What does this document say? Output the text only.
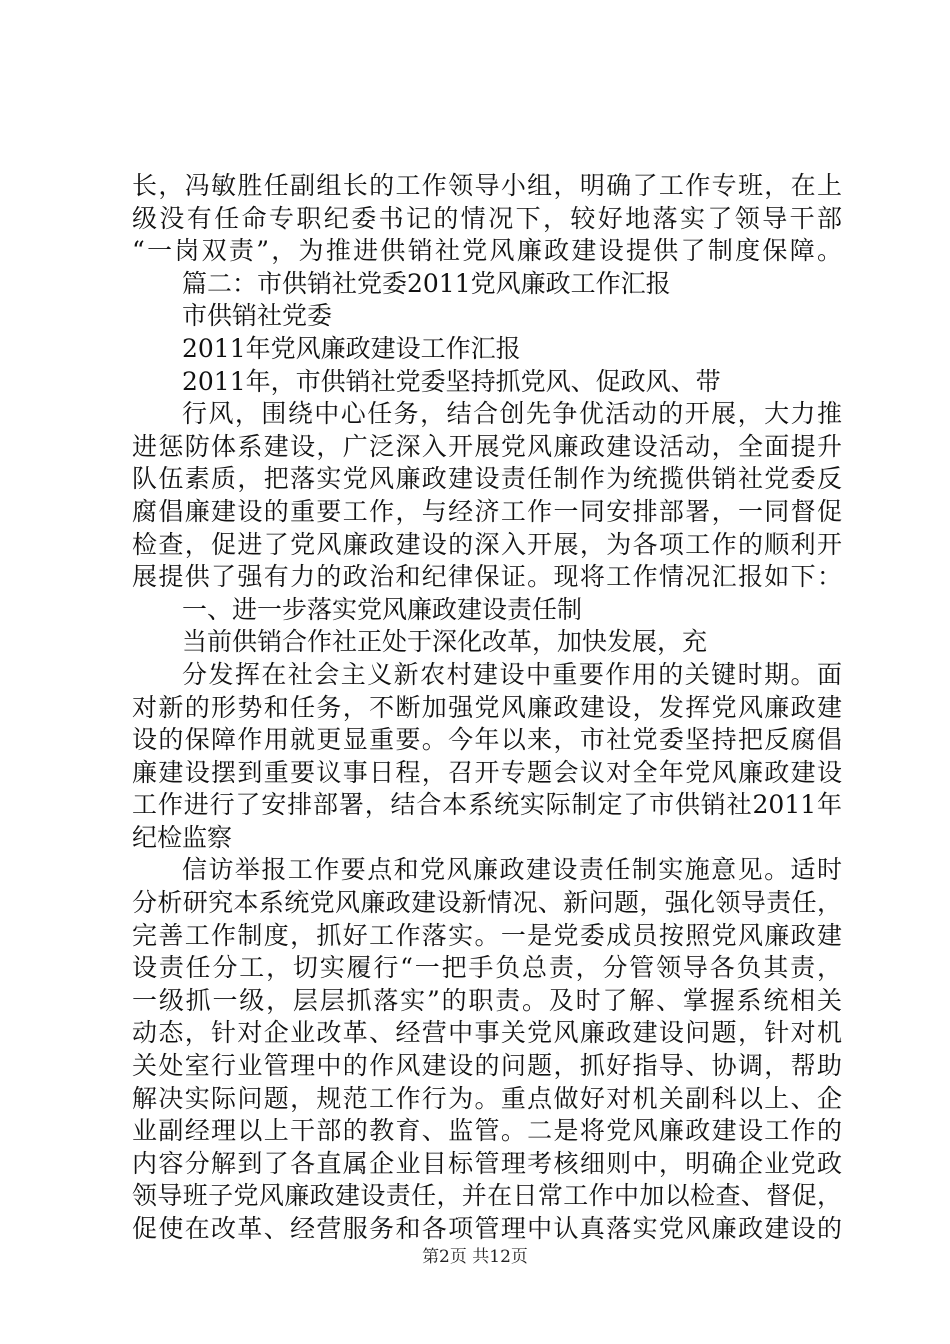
长，冯敏胜任副组长的工作领导小组，明确了工作专班，在上
级没有任命专职纪委书记的情况下，较好地落实了领导干部
“一岗双责”，为推进供销社党风廉政建设提供了制度保障。
篇二：市供销社党委2011党风廉政工作汇报
市供销社党委
2011年党风廉政建设工作汇报
2011年，市供销社党委坚持抓党风、促政风、带
行风，围绕中心任务，结合创先争优活动的开展，大力推
进惩防体系建设，广泛深入开展党风廉政建设活动，全面提升
队伍素质，把落实党风廉政建设责任制作为统揽供销社党委反
腐倡廉建设的重要工作，与经济工作一同安排部署，一同督促
检查，促进了党风廉政建设的深入开展，为各项工作的顺利开
展提供了强有力的政治和纪律保证。现将工作情况汇报如下：
一、进一步落实党风廉政建设责任制
当前供销合作社正处于深化改革，加快发展，充
分发挥在社会主义新农村建设中重要作用的关键时期。面
对新的形势和任务，不断加强党风廉政建设，发挥党风廉政建
设的保障作用就更显重要。今年以来，市社党委坚持把反腐倡
廉建设摆到重要议事日程，召开专题会议对全年党风廉政建设
工作进行了安排部署，结合本系统实际制定了市供销社2011年
纪检监察
信访举报工作要点和党风廉政建设责任制实施意见。适时
分析研究本系统党风廉政建设新情况、新问题，强化领导责任，
完善工作制度，抓好工作落实。一是党委成员按照党风廉政建
设责任分工，切实履行“一把手负总责，分管领导各负其责，
一级抓一级，层层抓落实”的职责。及时了解、掌握系统相关
动态，针对企业改革、经营中事关党风廉政建设问题，针对机
关处室行业管理中的作风建设的问题，抓好指导、协调，帮助
解决实际问题，规范工作行为。重点做好对机关副科以上、企
业副经理以上干部的教育、监管。二是将党风廉政建设工作的
内容分解到了各直属企业目标管理考核细则中，明确企业党政
领导班子党风廉政建设责任，并在日常工作中加以检查、督促，
促使在改革、经营服务和各项管理中认真落实党风廉政建设的
第2页 共12页
